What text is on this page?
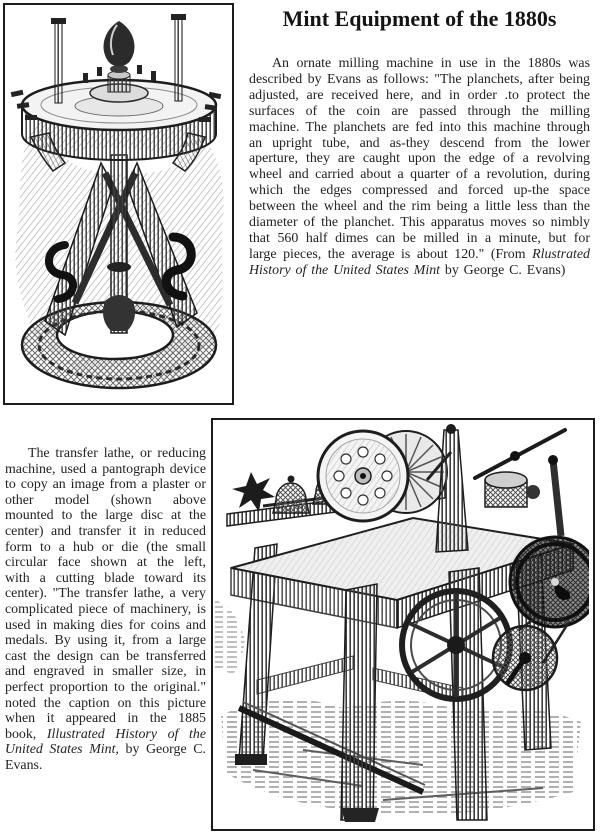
Mint Equipment of the 1880s

An ornate milling machine in use in the 1880s was described by Evans as follows: "The planchets, after being adjusted, are received here, and in order .to protect the surfaces of the coin are passed through the milling machine. The planchets are fed into this machine through an upright tube, and as-they descend from the lower aperture, they are caught upon the edge of a revolving wheel and carried about a quarter of a revolution, during which the edges compressed and forced up-the space between the wheel and the rim being a little less than the diameter of the planchet. This apparatus moves so nimbly that 560 half dimes can be milled in a minute, but for large pieces, the average is about 120." (From Rlustrated History of the United States Mint by George C. Evans)

The transfer lathe, or reducing machine, used a pantograph device to copy an image from a plaster or other model (shown above mounted to the large disc at the center) and transfer it in reduced form to a hub or die (the small circular face shown at the left, with a cutting blade toward its center). "The transfer lathe, a very complicated piece of machinery, is used in making dies for coins and medals. By using it, from a large cast the design can be transferred and engraved in smaller size, in perfect proportion to the original." noted the caption on this picture when it appeared in the 1885 book, Illustrated History of the United States Mint, by George C. Evans.
